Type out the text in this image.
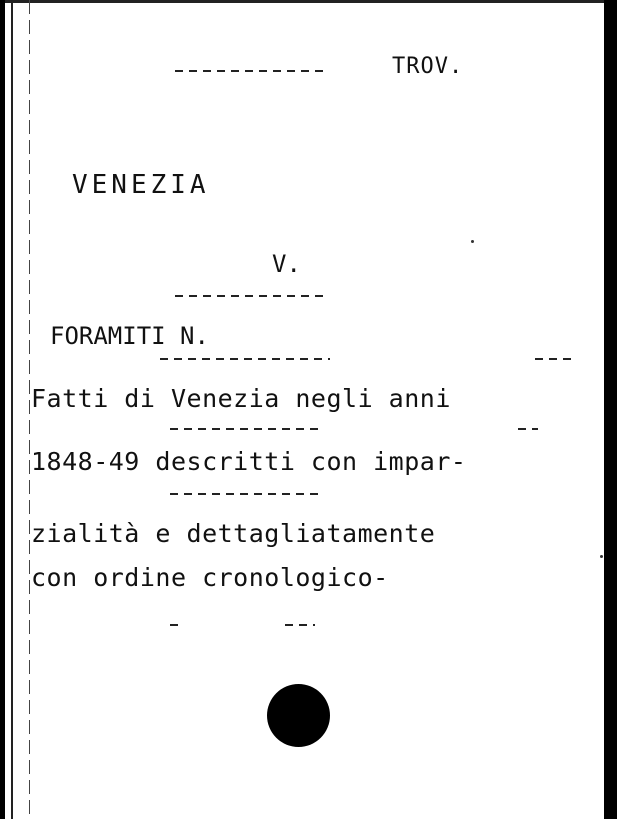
TROV.
VENEZIA
V.
FORAMITI N.
Fatti di Venezia negli anni
1848-49 descritti con impar-
zialità e dettagliatamente
con ordine cronologico-
